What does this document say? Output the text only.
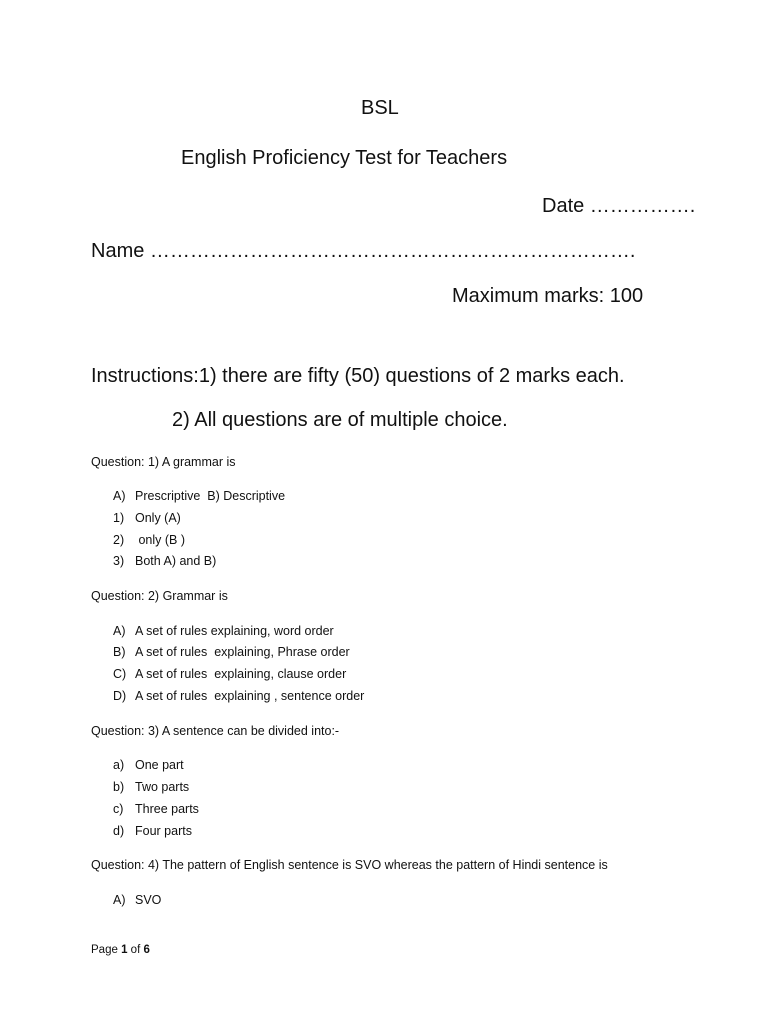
BSL
English Proficiency Test for Teachers
Date …………….
Name ……………………………………………………………….
Maximum marks: 100
Instructions:1) there are fifty (50) questions of 2 marks each.
2) All questions are of multiple choice.
Question: 1) A grammar is
A) Prescriptive  B) Descriptive
1) Only (A)
2) only (B )
3) Both A) and B)
Question: 2) Grammar is
A) A set of rules explaining, word order
B) A set of rules  explaining, Phrase order
C) A set of rules  explaining, clause order
D) A set of rules  explaining , sentence order
Question: 3) A sentence can be divided into:-
a) One part
b) Two parts
c) Three parts
d) Four parts
Question: 4) The pattern of English sentence is SVO whereas the pattern of Hindi sentence is
A) SVO
Page 1 of 6
